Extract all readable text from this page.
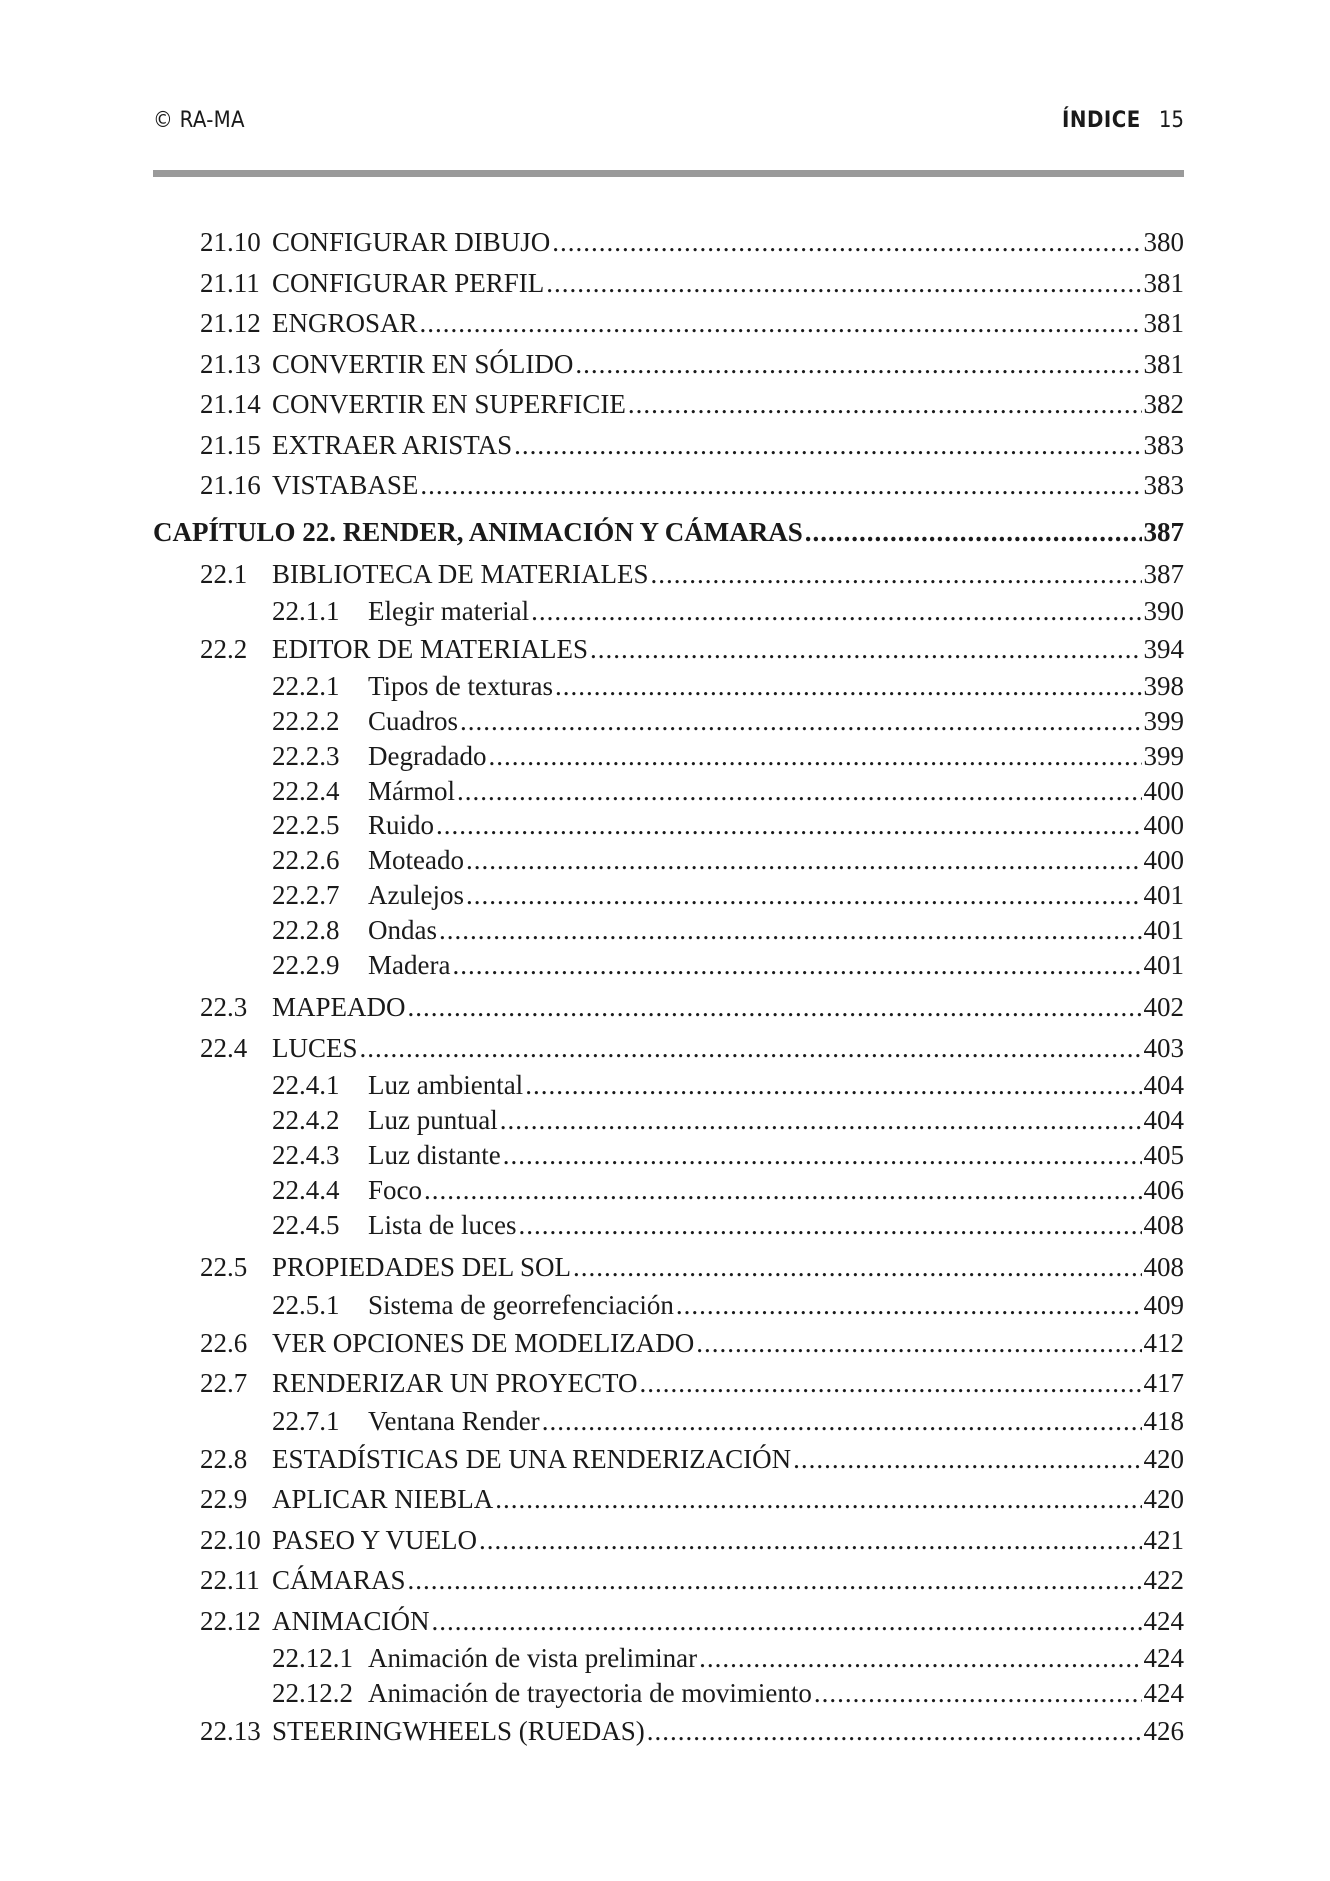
© RA-MA	ÍNDICE 15
21.10 CONFIGURAR DIBUJO .....	380
21.11 CONFIGURAR PERFIL .....	381
21.12 ENGROSAR .....	381
21.13 CONVERTIR EN SÓLIDO .....	381
21.14 CONVERTIR EN SUPERFICIE .....	382
21.15 EXTRAER ARISTAS .....	383
21.16 VISTABASE .....	383
CAPÍTULO 22. RENDER, ANIMACIÓN Y CÁMARAS .....	387
22.1 BIBLIOTECA DE MATERIALES .....	387
22.1.1	Elegir material .....	390
22.2 EDITOR DE MATERIALES .....	394
22.2.1	Tipos de texturas .....	398
22.2.2	Cuadros .....	399
22.2.3	Degradado .....	399
22.2.4	Mármol .....	400
22.2.5	Ruido .....	400
22.2.6	Moteado .....	400
22.2.7	Azulejos .....	401
22.2.8	Ondas .....	401
22.2.9	Madera .....	401
22.3 MAPEADO .....	402
22.4 LUCES .....	403
22.4.1	Luz ambiental .....	404
22.4.2	Luz puntual .....	404
22.4.3	Luz distante .....	405
22.4.4	Foco .....	406
22.4.5	Lista de luces .....	408
22.5 PROPIEDADES DEL SOL .....	408
22.5.1	Sistema de georrefenciación .....	409
22.6 VER OPCIONES DE MODELIZADO .....	412
22.7 RENDERIZAR UN PROYECTO .....	417
22.7.1	Ventana Render .....	418
22.8 ESTADÍSTICAS DE UNA RENDERIZACIÓN .....	420
22.9 APLICAR NIEBLA .....	420
22.10 PASEO Y VUELO .....	421
22.11 CÁMARAS .....	422
22.12 ANIMACIÓN .....	424
22.12.1 Animación de vista preliminar .....	424
22.12.2 Animación de trayectoria de movimiento .....	424
22.13 STEERINGWHEELS (RUEDAS) .....	426
